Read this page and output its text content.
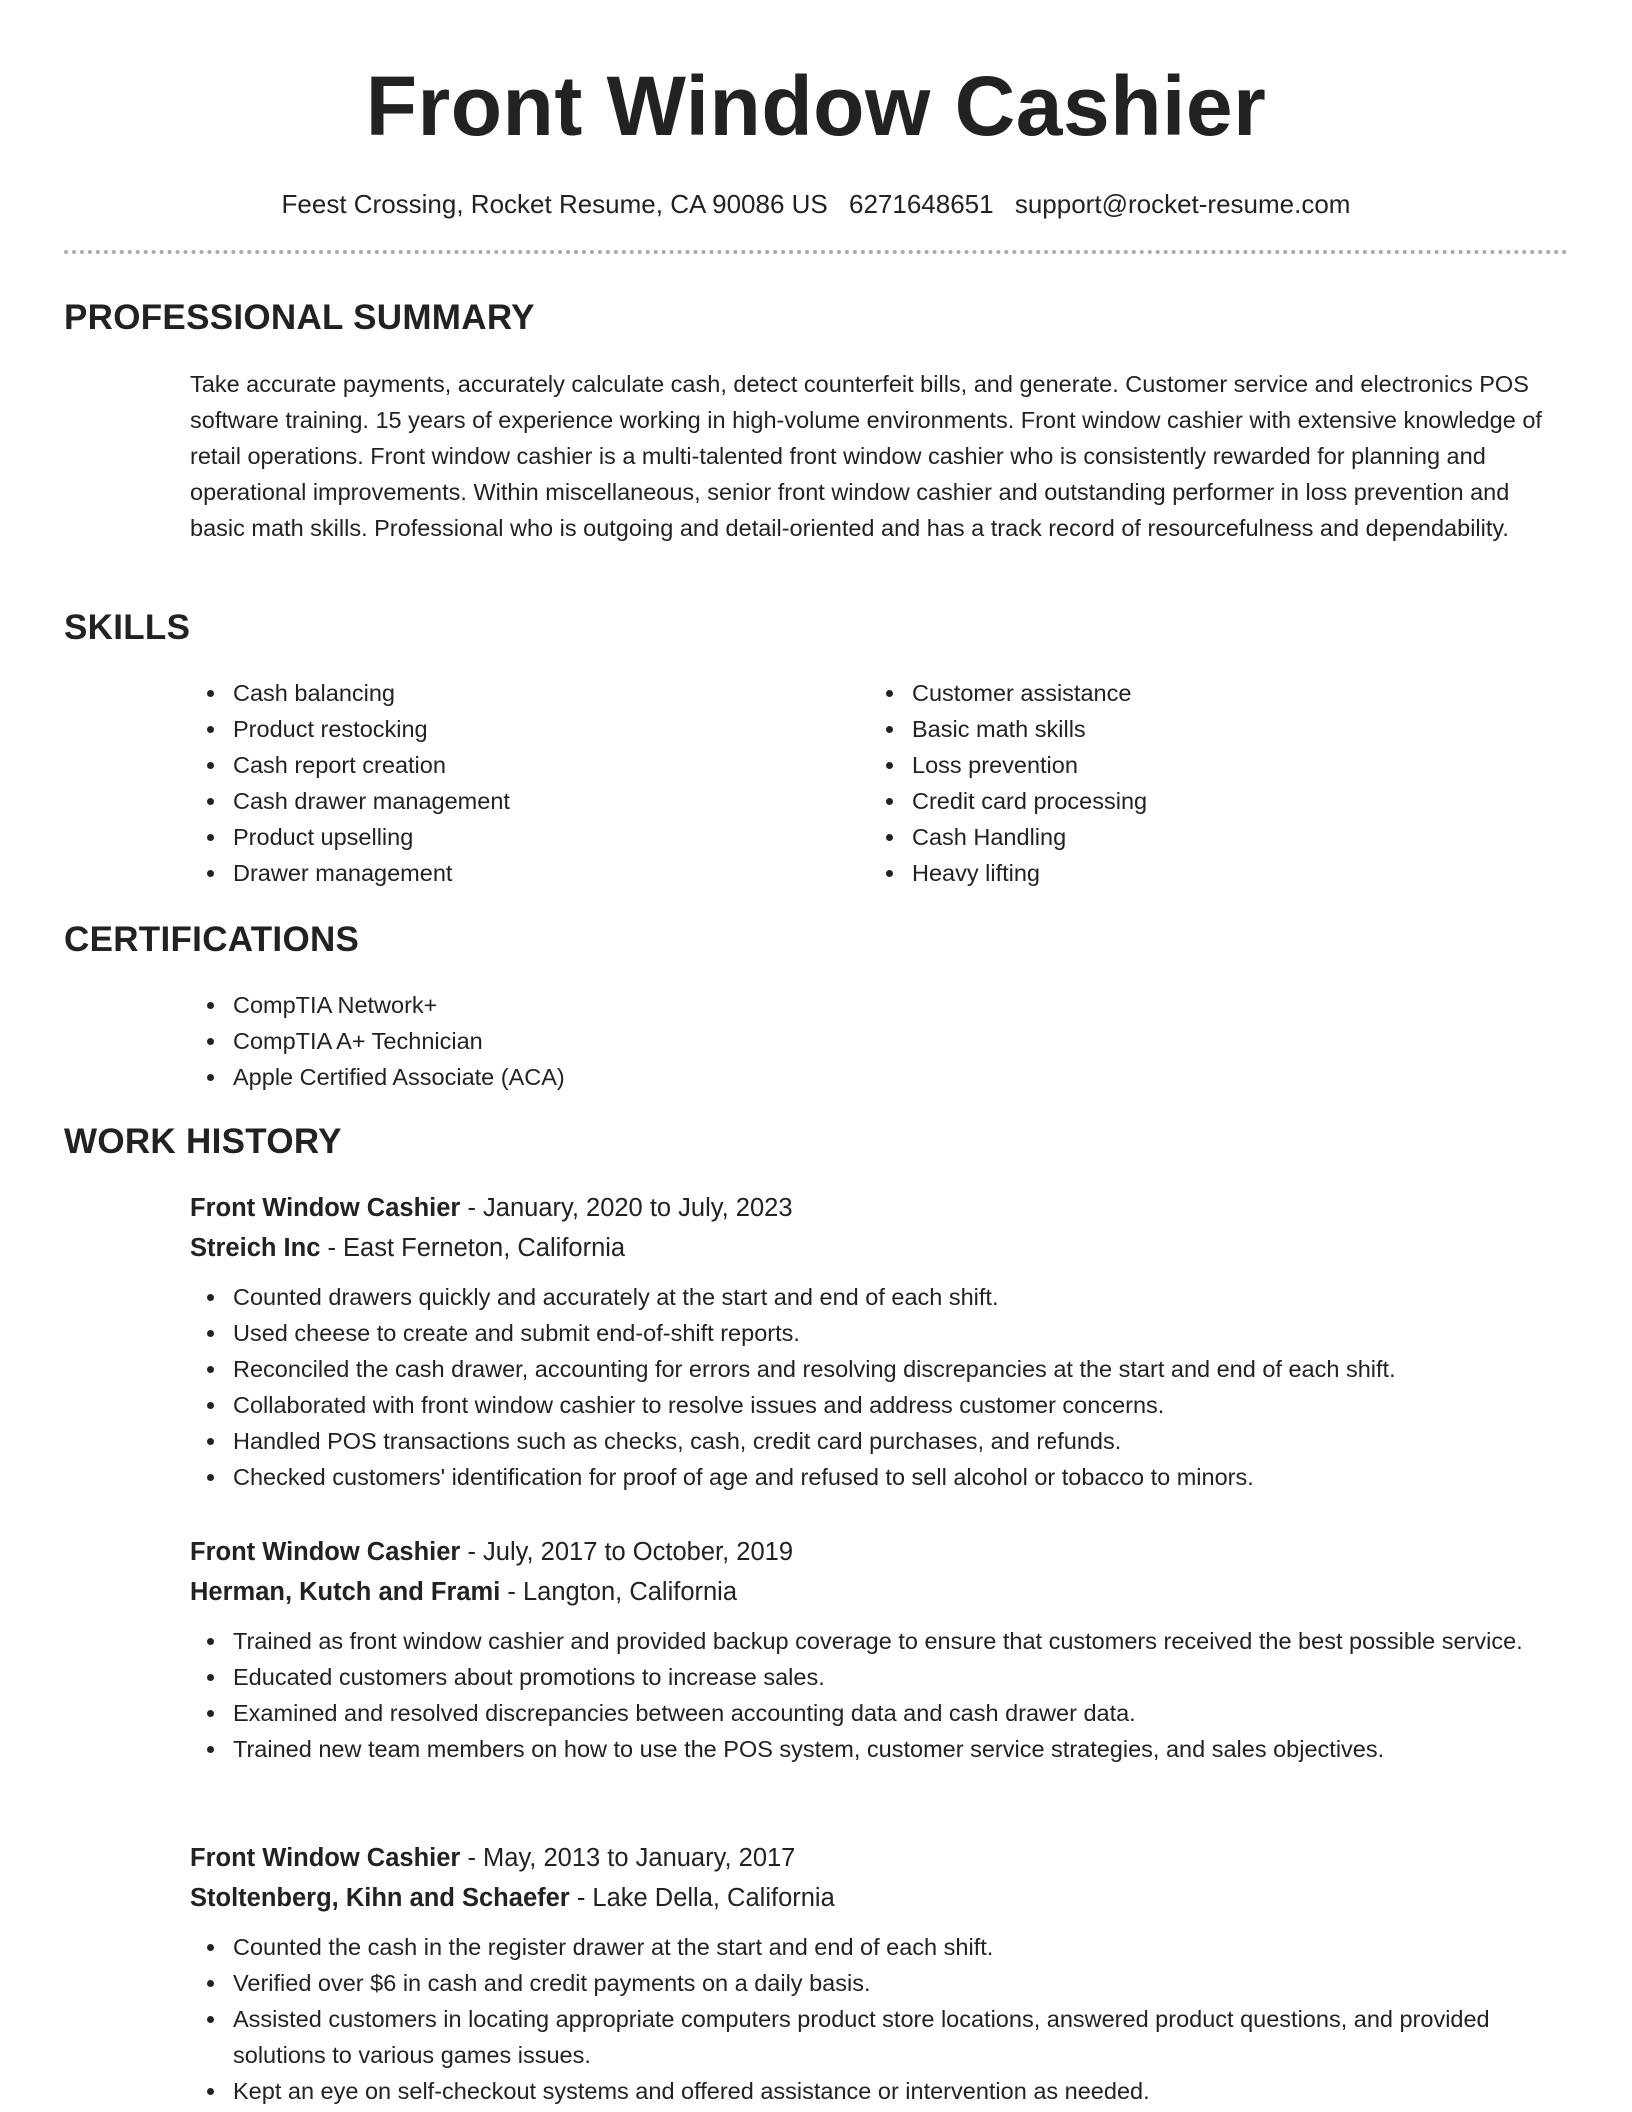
Front Window Cashier
Feest Crossing, Rocket Resume, CA 90086 US 6271648651 support@rocket-resume.com
PROFESSIONAL SUMMARY

Take accurate payments, accurately calculate cash, detect counterfeit bills, and generate. Customer service and electronics POS software training. 15 years of experience working in high-volume environments. Front window cashier with extensive knowledge of retail operations. Front window cashier is a multi-talented front window cashier who is consistently rewarded for planning and operational improvements. Within miscellaneous, senior front window cashier and outstanding performer in loss prevention and basic math skills. Professional who is outgoing and detail-oriented and has a track record of resourcefulness and dependability.

SKILLS
Cash balancing
Product restocking
Cash report creation
Cash drawer management
Product upselling
Drawer management
Customer assistance
Basic math skills
Loss prevention
Credit card processing
Cash Handling
Heavy lifting
CERTIFICATIONS
CompTIA Network+
CompTIA A+ Technician
Apple Certified Associate (ACA)
WORK HISTORY
Front Window Cashier - January, 2020 to July, 2023
Streich Inc - East Ferneton, California
Counted drawers quickly and accurately at the start and end of each shift.
Used cheese to create and submit end-of-shift reports.
Reconciled the cash drawer, accounting for errors and resolving discrepancies at the start and end of each shift.
Collaborated with front window cashier to resolve issues and address customer concerns.
Handled POS transactions such as checks, cash, credit card purchases, and refunds.
Checked customers' identification for proof of age and refused to sell alcohol or tobacco to minors.
Front Window Cashier - July, 2017 to October, 2019
Herman, Kutch and Frami - Langton, California
Trained as front window cashier and provided backup coverage to ensure that customers received the best possible service.
Educated customers about promotions to increase sales.
Examined and resolved discrepancies between accounting data and cash drawer data.
Trained new team members on how to use the POS system, customer service strategies, and sales objectives.
Front Window Cashier - May, 2013 to January, 2017
Stoltenberg, Kihn and Schaefer - Lake Della, California
Counted the cash in the register drawer at the start and end of each shift.
Verified over $6 in cash and credit payments on a daily basis.
Assisted customers in locating appropriate computers product store locations, answered product questions, and provided solutions to various games issues.
Kept an eye on self-checkout systems and offered assistance or intervention as needed.
